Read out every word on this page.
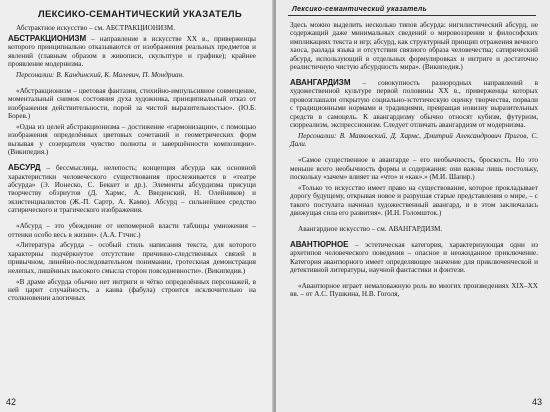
ЛЕКСИКО-СЕМАНТИЧЕСКИЙ УКАЗАТЕЛЬ

Абстрактное искусство – см. АБСТРАКЦИОНИЗМ.

АБСТРАКЦИОНИЗМ – направление в искусстве XX в., приверженцы которого принципиально отказываются от изображения реальных предметов и явлений (главным образом в живописи, скульптуре и графике); крайнее проявление модернизма.

Персоналии: В. Кандинский, К. Малевич, П. Мондриан.

«Абстракционизм – цветовая фантазия, стихийно-импульсивное совмещение, моментальный снимок состояния духа художника, принципиальный отказ от изображения действительности, порой за чистой выразительностью». (Ю.Б. Борев.)

«Одна из целей абстракционизма – достижение «гармонизации», с помощью изображения определённых цветовых сочетаний и геометрических форм вызывая у созерцателя чувство полноты и завершённости композиции». (Википедия.)

АБСУРД – бессмыслица, нелепость; концепция абсурда как основной характеристики человеческого существования прослеживается в «театре абсурда» (Э. Ионеско, С. Беккет и др.). Элементы абсурдизма присущи творчеству обэриутов (Д. Хармс, А. Введенский, Н. Олейников) и экзистенциалистов (Ж.-П. Сартр, А. Камю). Абсурд – сильнейшее средство сатирического и трагического изображения.

«Абсурд – это убеждение от непомерной власти таблицы умножения – оттенки особо весь в жизни». (А.А. Гтчис.)

«Литература абсурда – особый стиль написания текста, для которого характерны подчёркнутое отсутствие причинно-следственных связей в привычном, линейно-последовательном понимании, гротескная демонстрация нелепых, лишённых высокого смысла сторон повседневности». (Википедия.)

«В драме абсурда обычно нет интриги и чётко определённых персонажей, в ней царит случайность, а канва (фабула) строится исключительно на столкновении алогичных

42
Лексико-семантический указатель

Здесь можно выделить несколько типов абсурда: нигилистический абсурд, не содержащий даже минимальных сведений о мировоззрении и философских импликациях текста и игр; абсурд, как структурный принцип отражения вечного хаоса, разлада языка и отсутствия связного образа человечества; сатирический абсурд, использующий в отдельных формулировках и интриге и достаточно реалистичную чистую абсурдность мира». (Википедия.)

АВАНГАРДИЗМ – совокупность разнородных направлений в художественной культуре первой половины XX в., приверженцы которых провозглашали открытую социально-эстетическую оценку творчества, порвали с традиционными нормами и традициями, превращая новизну выразительных средств в самоцель. К авангардизму обычно относят кубизм, футуризм, сюрреализм, экспрессионизм. Следует отличать авангардизм от модернизма.

Персоналии: В. Маяковский, Д. Хармс, Дмитрий Александрович Пригов, С. Дали.

«Самое существенное в авангарде – его необычность, броскость. Но это меньше всего необычность формы и содержания: они важны лишь постольку, поскольку «зачем» влияет на «что» и «как».» (М.И. Шапир.)

«Только то искусство имеет право на существование, которое прокладывает дорогу будущему, открывая новое и разрушая старые представления о мире, – с такого постулата начинал художественный авангард, и в этом заключалась движущая сила его развития». (И.Н. Голомшток.)

Авангардное искусство – см. АВАНГАРДИЗМ.

АВАНТЮРНОЕ – эстетическая категория, характеризующая одни из архетипов человеческого поведения – опасное и неожиданное приключение. Категория авантюрного имеет определяющее значение для приключенческой и детективной литературы, научной фантастики и фэнтези.

«Авантюрное играет немаловажную роль во многих произведениях XIX–XX вв. – от А.С. Пушкина, Н.В. Гоголя,

43
